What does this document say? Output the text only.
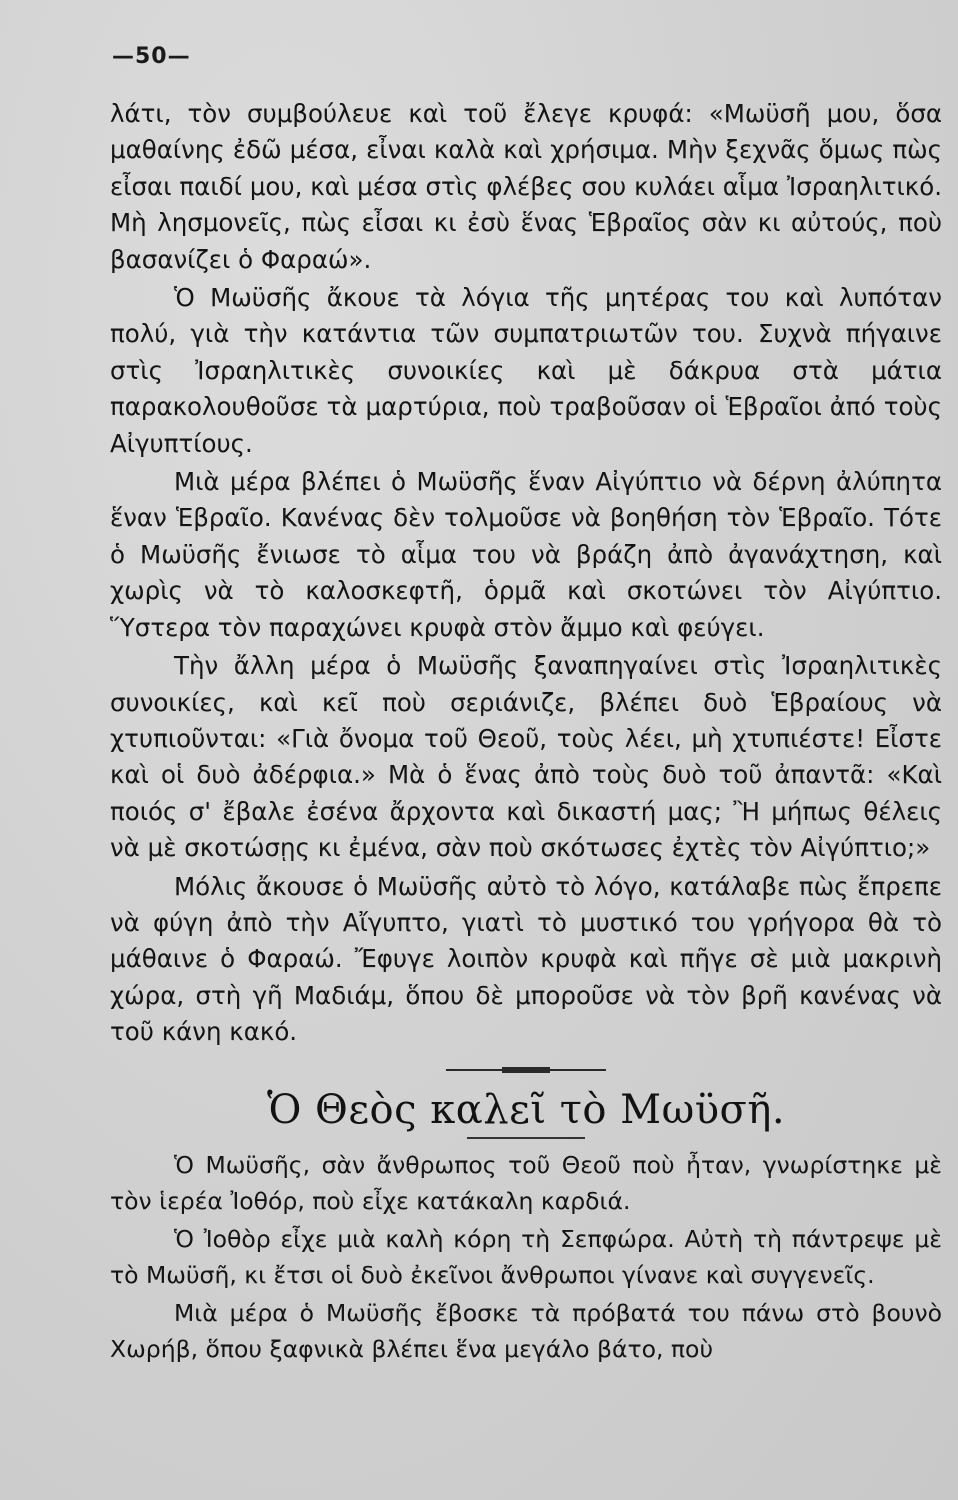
—50—

λάτι, τὸν συμβούλευε καὶ τοῦ ἔλεγε κρυφά: «Μωϋσῆ μου, ὅσα μαθαίνης ἐδῶ μέσα, εἶναι καλὰ καὶ χρήσιμα. Μὴν ξεχνᾶς ὅμως πὼς εἶσαι παιδί μου, καὶ μέσα στὶς φλέβες σου κυλάει αἷμα Ἰσραηλιτικό. Μὴ λησμονεῖς, πὼς εἶσαι κι ἐσὺ ἕνας Ἑβραῖος σὰν κι αὐτούς, ποὺ βασανίζει ὁ Φαραώ».

Ὁ Μωϋσῆς ἄκουε τὰ λόγια τῆς μητέρας του καὶ λυπόταν πολύ, γιὰ τὴν κατάντια τῶν συμπατριωτῶν του. Συχνὰ πήγαινε στὶς Ἰσραηλιτικὲς συνοικίες καὶ μὲ δάκρυα στὰ μάτια παρακολουθοῦσε τὰ μαρτύρια, ποὺ τραβοῦσαν οἱ Ἑβραῖοι ἀπό τοὺς Αἰγυπτίους.

Μιὰ μέρα βλέπει ὁ Μωϋσῆς ἕναν Αἰγύπτιο νὰ δέρνη ἀλύπητα ἕναν Ἑβραῖο. Κανένας δὲν τολμοῦσε νὰ βοηθήση τὸν Ἑβραῖο. Τότε ὁ Μωϋσῆς ἔνιωσε τὸ αἷμα του νὰ βράζη ἀπὸ ἀγανάχτηση, καὶ χωρὶς νὰ τὸ καλοσκεφτῆ, ὁρμᾶ καὶ σκοτώνει τὸν Αἰγύπτιο. Ὕστερα τὸν παραχώνει κρυφὰ στὸν ἄμμο καὶ φεύγει.

Τὴν ἄλλη μέρα ὁ Μωϋσῆς ξαναπηγαίνει στὶς Ἰσραηλιτικὲς συνοικίες, καὶ κεῖ ποὺ σεριάνιζε, βλέπει δυὸ Ἑβραίους νὰ χτυπιοῦνται: «Γιὰ ὄνομα τοῦ Θεοῦ, τοὺς λέει, μὴ χτυπιέστε! Εἶστε καὶ οἱ δυὸ ἀδέρφια.» Μὰ ὁ ἕνας ἀπὸ τοὺς δυὸ τοῦ ἀπαντᾶ: «Καὶ ποιός σ' ἔβαλε ἐσένα ἄρχοντα καὶ δικαστή μας; Ἢ μήπως θέλεις νὰ μὲ σκοτώσῃς κι ἐμένα, σὰν ποὺ σκότωσες ἐχτὲς τὸν Αἰγύπτιο;»

Μόλις ἄκουσε ὁ Μωϋσῆς αὐτὸ τὸ λόγο, κατάλαβε πὼς ἔπρεπε νὰ φύγη ἀπὸ τὴν Αἴγυπτο, γιατὶ τὸ μυστικό του γρήγορα θὰ τὸ μάθαινε ὁ Φαραώ. Ἔφυγε λοιπὸν κρυφὰ καὶ πῆγε σὲ μιὰ μακρινὴ χώρα, στὴ γῆ Μαδιάμ, ὅπου δὲ μποροῦσε νὰ τὸν βρῆ κανένας νὰ τοῦ κάνη κακό.

Ὁ Θεὸς καλεῖ τὸ Μωϋσῆ.

Ὁ Μωϋσῆς, σὰν ἄνθρωπος τοῦ Θεοῦ ποὺ ἦταν, γνωρίστηκε μὲ τὸν ἱερέα Ἰοθόρ, ποὺ εἶχε κατάκαλη καρδιά.

Ὁ Ἰοθὸρ εἶχε μιὰ καλὴ κόρη τὴ Σεπφώρα. Αὐτὴ τὴ πάντρεψε μὲ τὸ Μωϋσῆ, κι ἔτσι οἱ δυὸ ἐκεῖνοι ἄνθρωποι γίνανε καὶ συγγενεῖς.

Μιὰ μέρα ὁ Μωϋσῆς ἔβοσκε τὰ πρόβατά του πάνω στὸ βουνὸ Χωρήβ, ὅπου ξαφνικὰ βλέπει ἕνα μεγάλο βάτο, ποὺ
